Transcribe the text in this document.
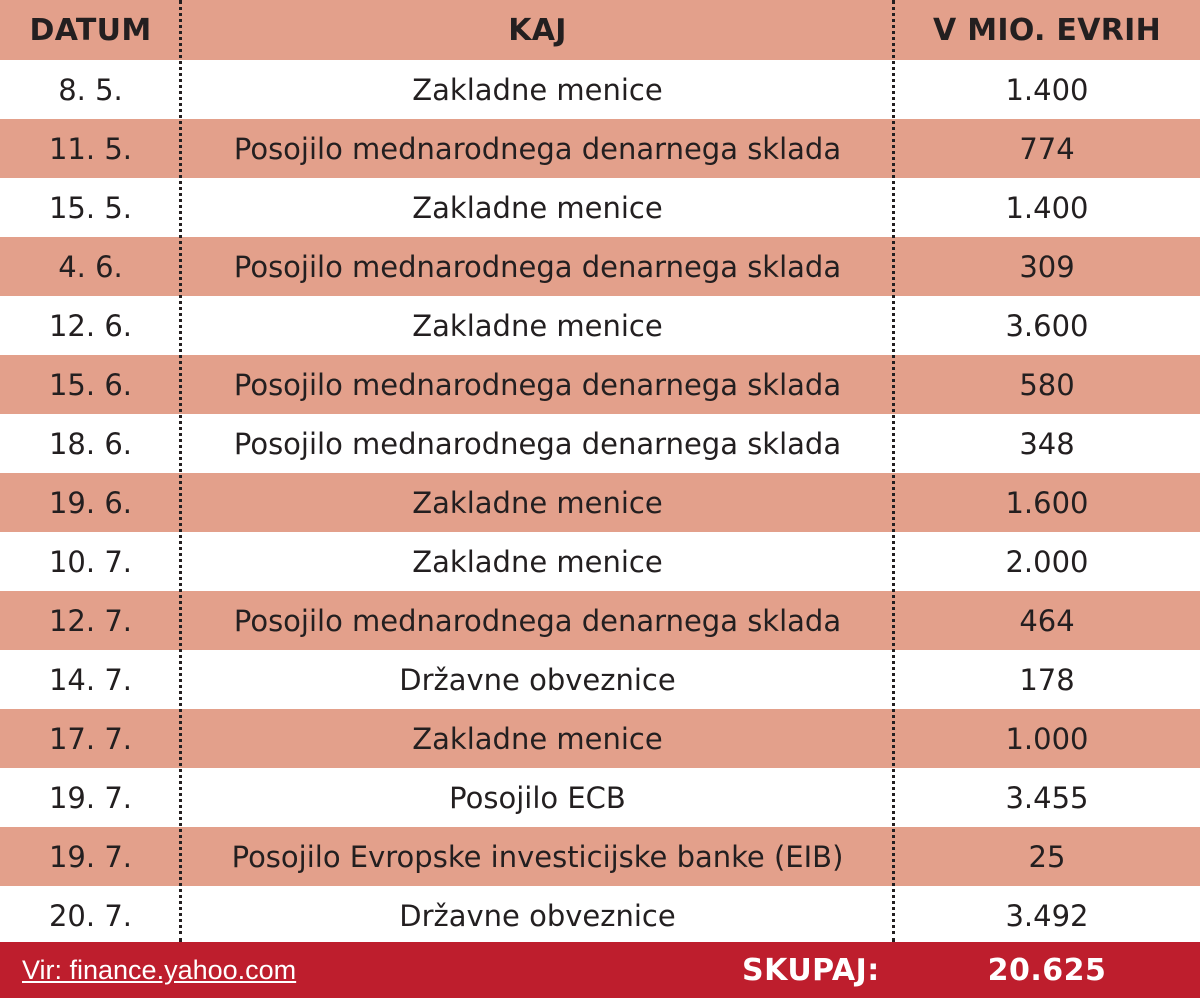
DATUM	KAJ	V MIO. EVRIH
8. 5.	Zakladne menice	1.400
11. 5.	Posojilo mednarodnega denarnega sklada	774
15. 5.	Zakladne menice	1.400
4. 6.	Posojilo mednarodnega denarnega sklada	309
12. 6.	Zakladne menice	3.600
15. 6.	Posojilo mednarodnega denarnega sklada	580
18. 6.	Posojilo mednarodnega denarnega sklada	348
19. 6.	Zakladne menice	1.600
10. 7.	Zakladne menice	2.000
12. 7.	Posojilo mednarodnega denarnega sklada	464
14. 7.	Državne obveznice	178
17. 7.	Zakladne menice	1.000
19. 7.	Posojilo ECB	3.455
19. 7.	Posojilo Evropske investicijske banke (EIB)	25
20. 7.	Državne obveznice	3.492
Vir: finance.yahoo.com	SKUPAJ:	20.625
